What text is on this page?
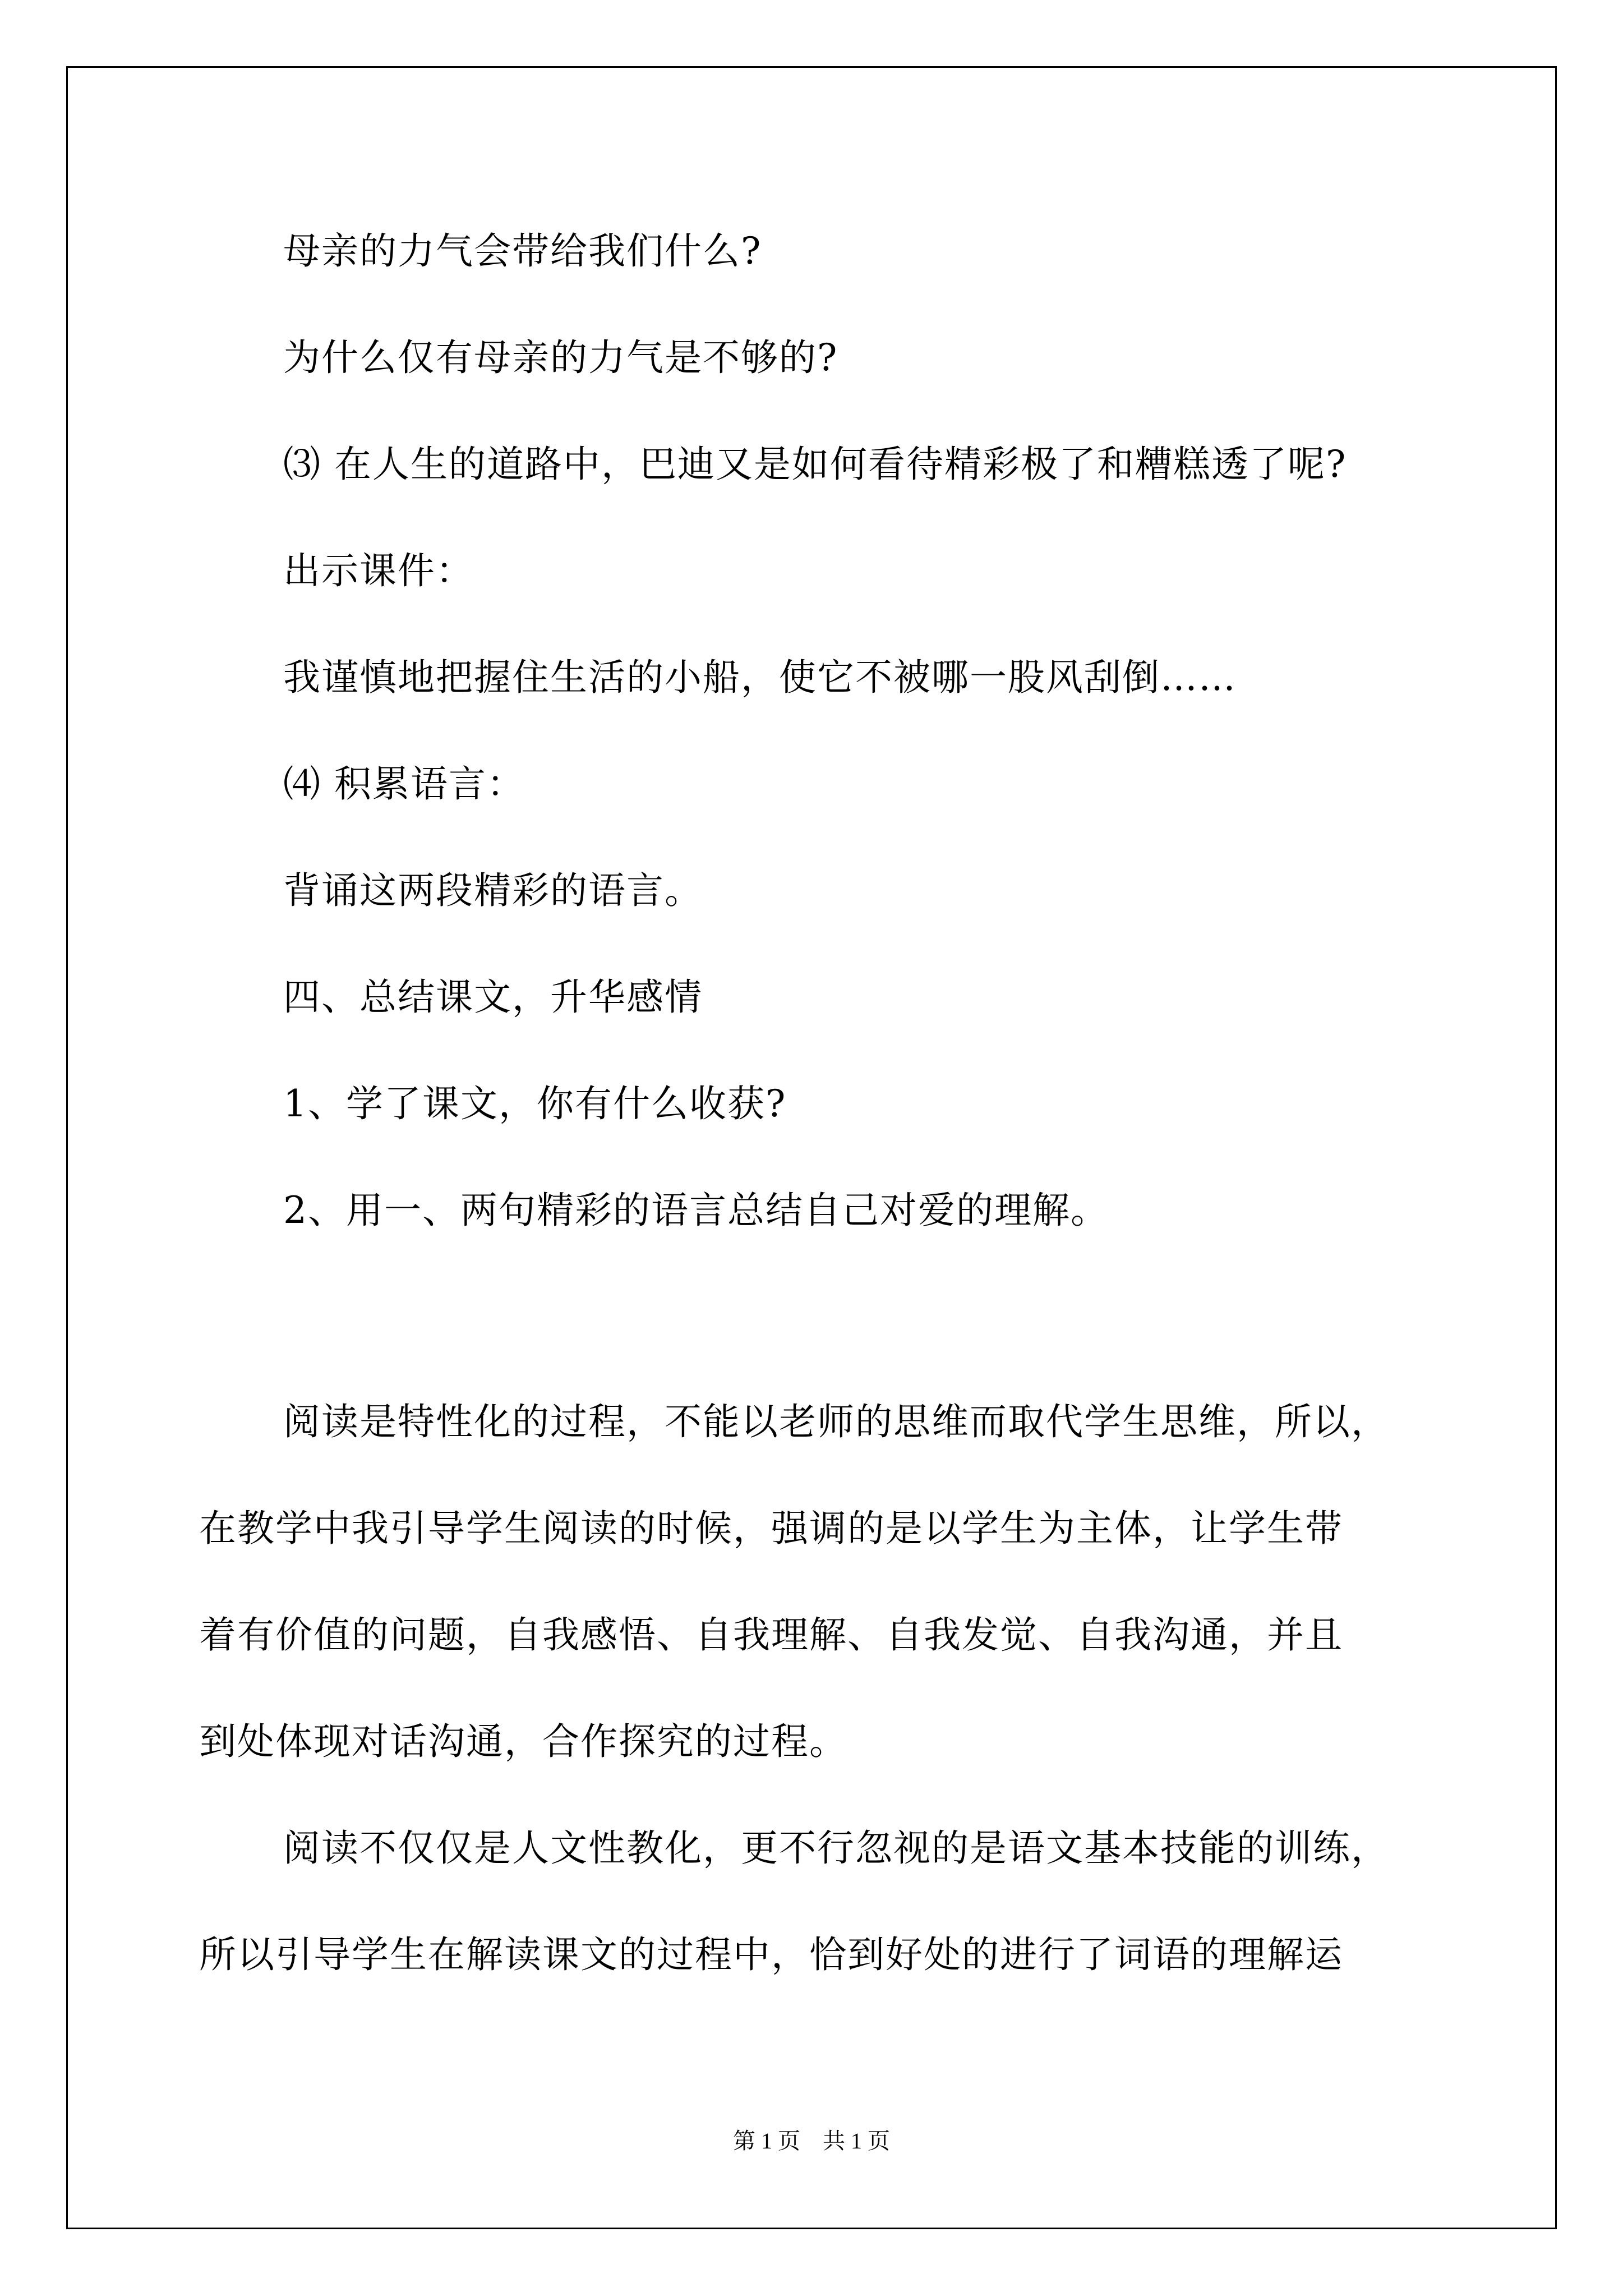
母亲的力气会带给我们什么?

为什么仅有母亲的力气是不够的?

⑶ 在人生的道路中，巴迪又是如何看待精彩极了和糟糕透了呢?

出示课件：

我谨慎地把握住生活的小船，使它不被哪一股风刮倒……

⑷ 积累语言：

背诵这两段精彩的语言。

四、总结课文，升华感情

1、学了课文，你有什么收获?

2、用一、两句精彩的语言总结自己对爱的理解。

阅读是特性化的过程，不能以老师的思维而取代学生思维，所以，

在教学中我引导学生阅读的时候，强调的是以学生为主体，让学生带

着有价值的问题，自我感悟、自我理解、自我发觉、自我沟通，并且

到处体现对话沟通，合作探究的过程。

阅读不仅仅是人文性教化，更不行忽视的是语文基本技能的训练，

所以引导学生在解读课文的过程中，恰到好处的进行了词语的理解运

第 1 页　共 1 页
